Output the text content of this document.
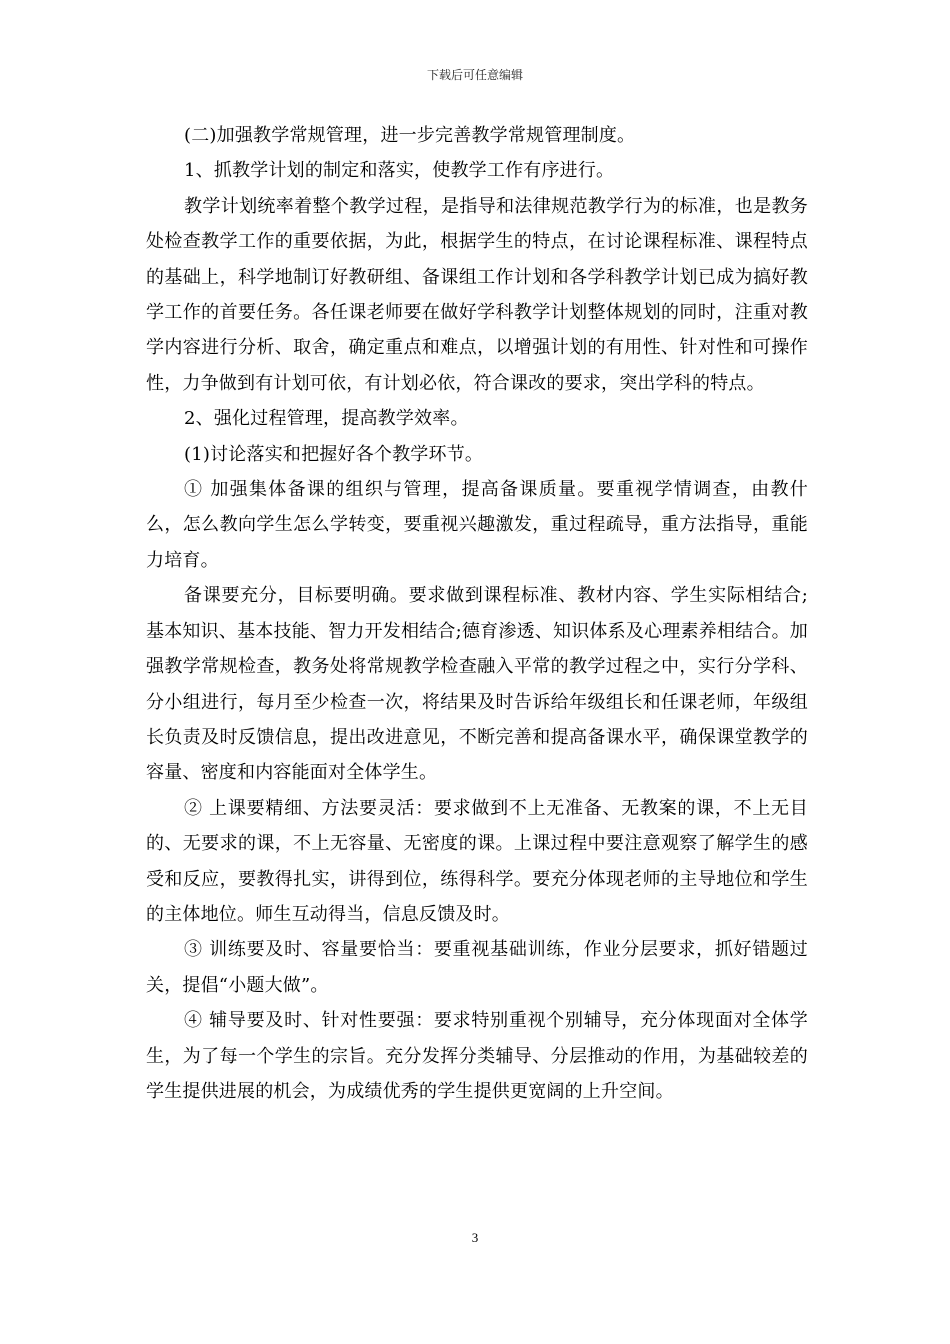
下载后可任意编辑

(二)加强教学常规管理，进一步完善教学常规管理制度。

1、抓教学计划的制定和落实，使教学工作有序进行。

教学计划统率着整个教学过程，是指导和法律规范教学行为的标准，也是教务处检查教学工作的重要依据，为此，根据学生的特点，在讨论课程标准、课程特点的基础上，科学地制订好教研组、备课组工作计划和各学科教学计划已成为搞好教学工作的首要任务。各任课老师要在做好学科教学计划整体规划的同时，注重对教学内容进行分析、取舍，确定重点和难点，以增强计划的有用性、针对性和可操作性，力争做到有计划可依，有计划必依，符合课改的要求，突出学科的特点。

2、强化过程管理，提高教学效率。

(1)讨论落实和把握好各个教学环节。

① 加强集体备课的组织与管理，提高备课质量。要重视学情调查，由教什么，怎么教向学生怎么学转变，要重视兴趣激发，重过程疏导，重方法指导，重能力培育。

备课要充分，目标要明确。要求做到课程标准、教材内容、学生实际相结合;基本知识、基本技能、智力开发相结合;德育渗透、知识体系及心理素养相结合。加强教学常规检查，教务处将常规教学检查融入平常的教学过程之中，实行分学科、分小组进行，每月至少检查一次，将结果及时告诉给年级组长和任课老师，年级组长负责及时反馈信息，提出改进意见，不断完善和提高备课水平，确保课堂教学的容量、密度和内容能面对全体学生。

② 上课要精细、方法要灵活：要求做到不上无准备、无教案的课，不上无目的、无要求的课，不上无容量、无密度的课。上课过程中要注意观察了解学生的感受和反应，要教得扎实，讲得到位，练得科学。要充分体现老师的主导地位和学生的主体地位。师生互动得当，信息反馈及时。

③ 训练要及时、容量要恰当：要重视基础训练，作业分层要求，抓好错题过关，提倡“小题大做”。

④ 辅导要及时、针对性要强：要求特别重视个别辅导，充分体现面对全体学生，为了每一个学生的宗旨。充分发挥分类辅导、分层推动的作用，为基础较差的学生提供进展的机会，为成绩优秀的学生提供更宽阔的上升空间。

3
